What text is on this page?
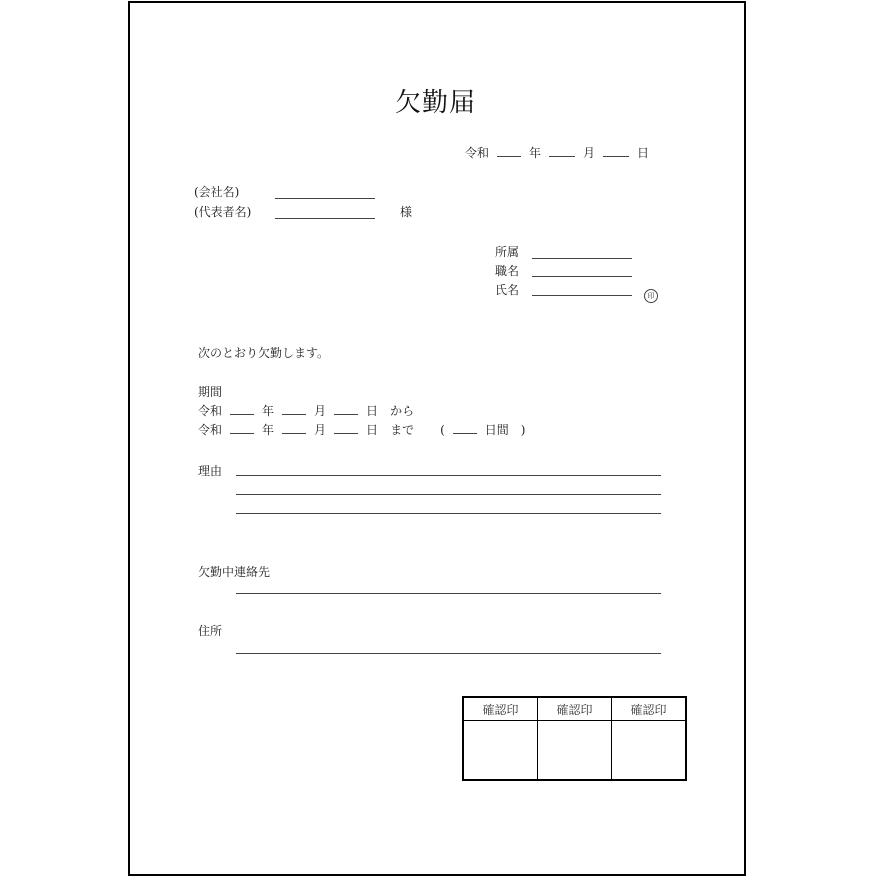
欠勤届
令和	年	月	日
(会社名)
(代表者名)	様
所属
職名
氏名	印
次のとおり欠勤します。
期間
令和	年	月	日 から
令和	年	月	日 まで (	日間 )
理由
欠勤中連絡先
住所
確認印	確認印	確認印
